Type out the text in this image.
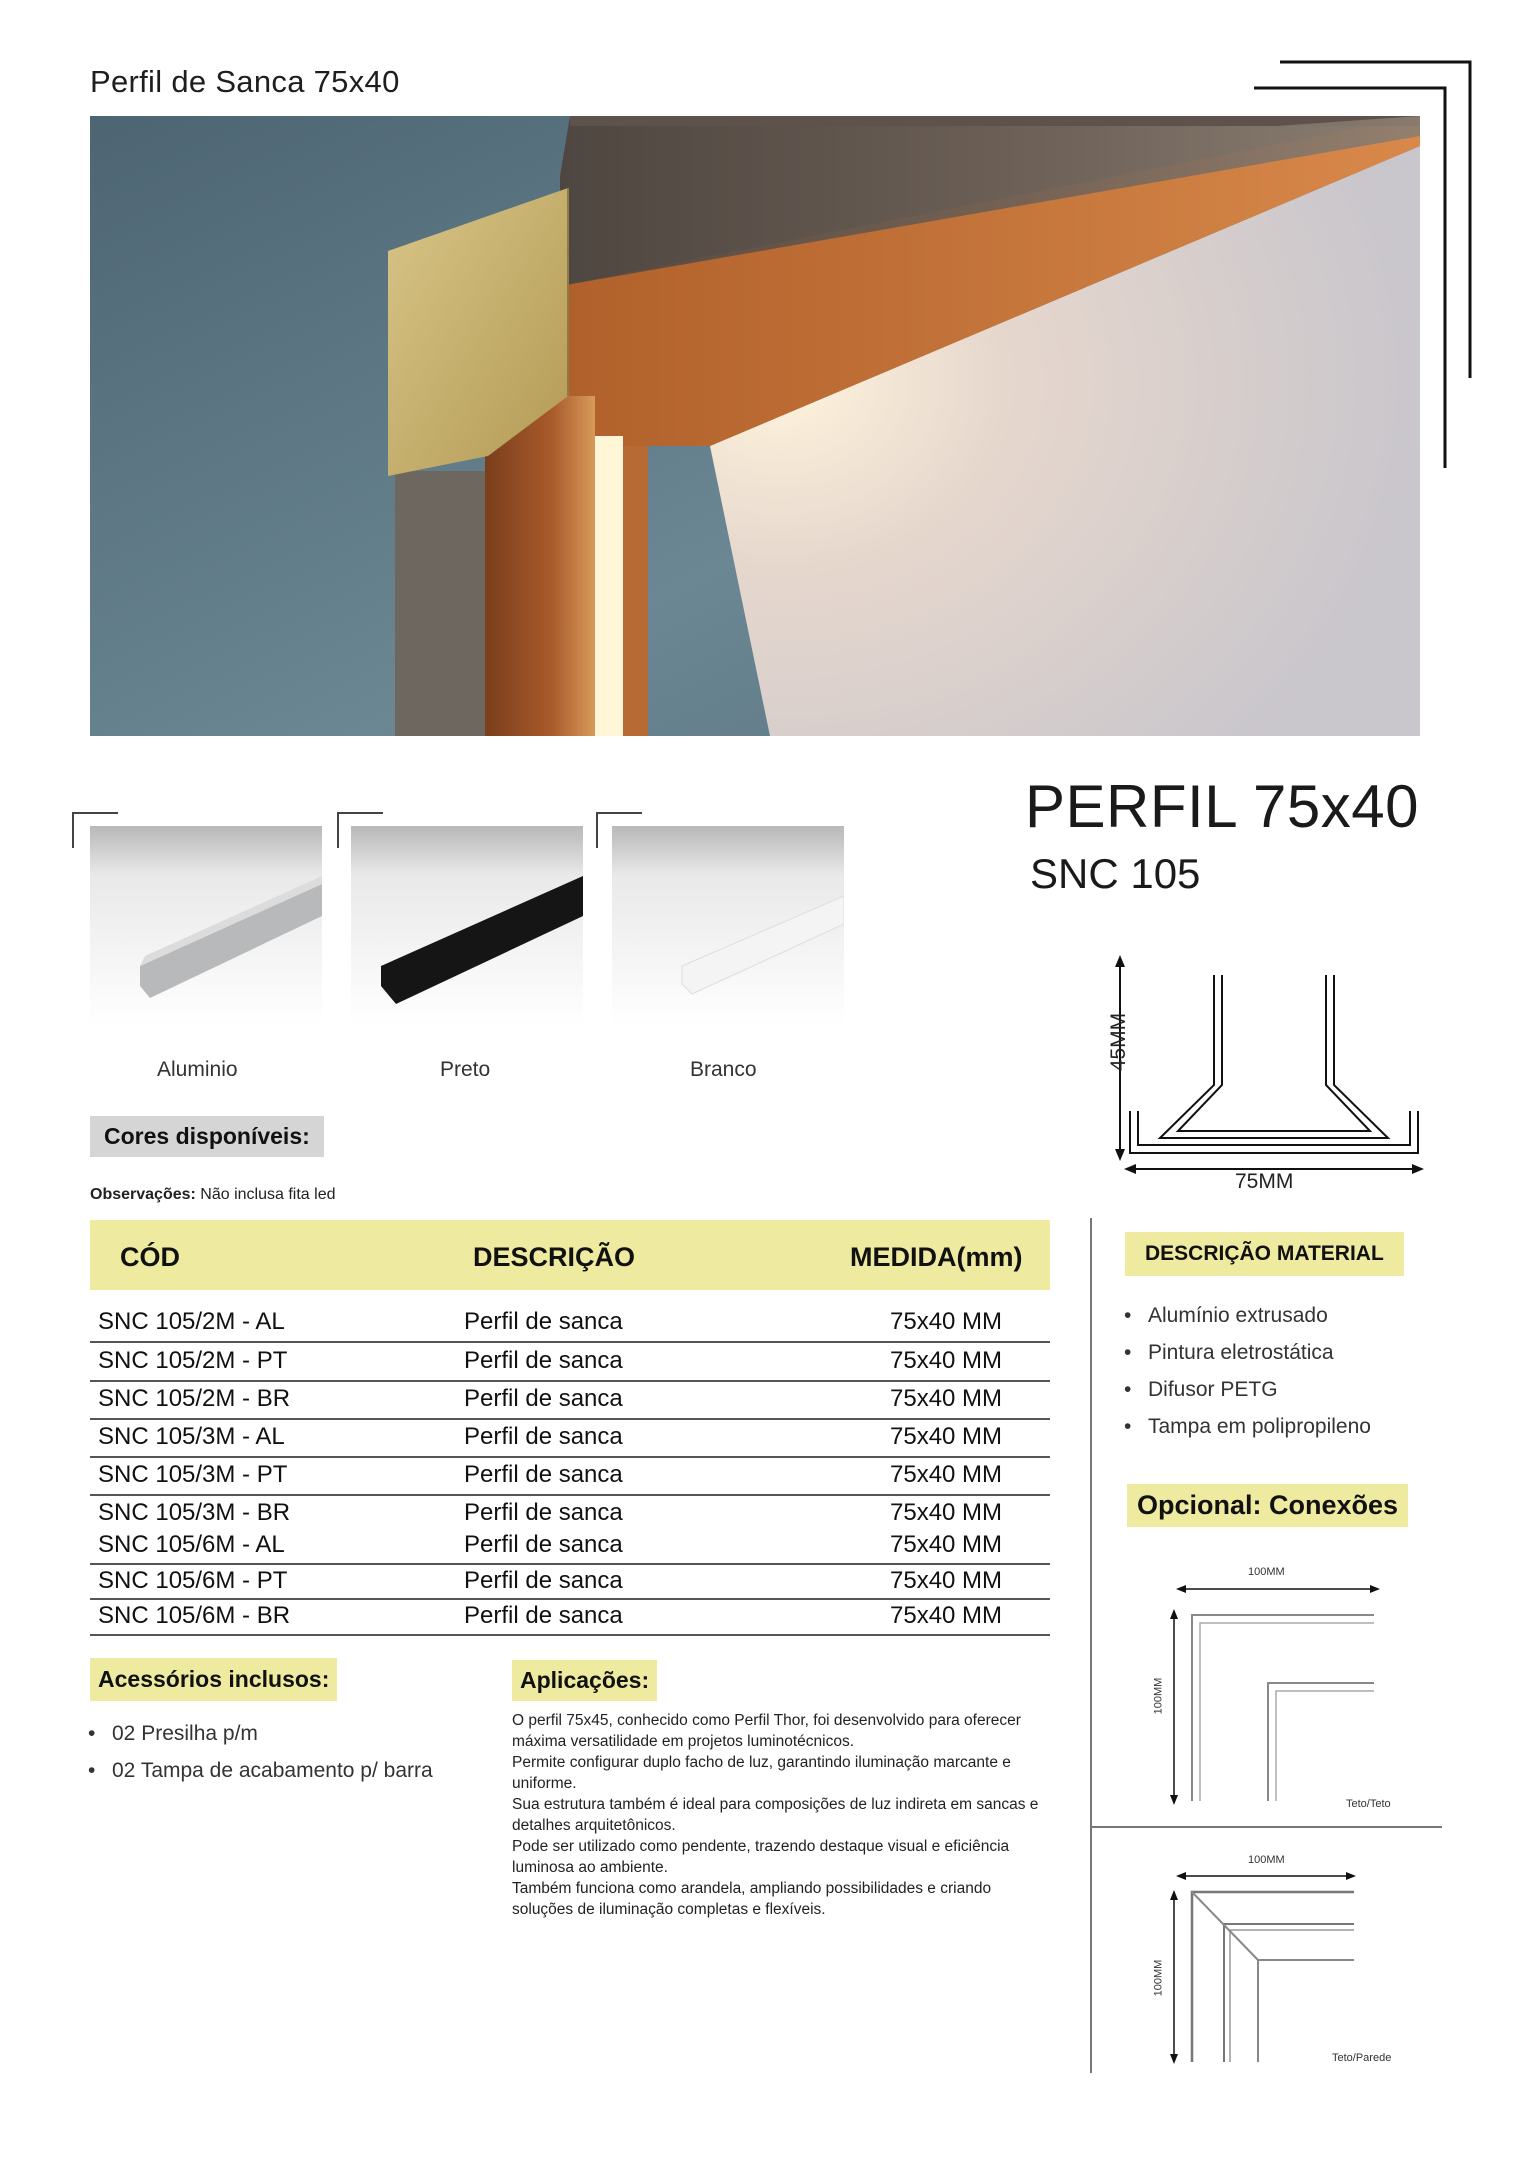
Perfil de Sanca 75x40
Aluminio	Preto	Branco
Cores disponíveis:
Observações: Não inclusa fita led
PERFIL 75x40
SNC 105
45MM
75MM
CÓD	DESCRIÇÃO	MEDIDA(mm)
SNC 105/2M - AL	Perfil de sanca	75x40 MM
SNC 105/2M - PT	Perfil de sanca	75x40 MM
SNC 105/2M - BR	Perfil de sanca	75x40 MM
SNC 105/3M - AL	Perfil de sanca	75x40 MM
SNC 105/3M - PT	Perfil de sanca	75x40 MM
SNC 105/3M - BR	Perfil de sanca	75x40 MM
SNC 105/6M - AL	Perfil de sanca	75x40 MM
SNC 105/6M - PT	Perfil de sanca	75x40 MM
SNC 105/6M - BR	Perfil de sanca	75x40 MM
DESCRIÇÃO MATERIAL
• Alumínio extrusado
• Pintura eletrostática
• Difusor PETG
• Tampa em polipropileno
Opcional: Conexões
100MM
100MM
Teto/Teto
100MM
100MM
Teto/Parede
Acessórios inclusos:
• 02 Presilha p/m
• 02 Tampa de acabamento p/ barra
Aplicações:
O perfil 75x45, conhecido como Perfil Thor, foi desenvolvido para oferecer máxima versatilidade em projetos luminotécnicos.
Permite configurar duplo facho de luz, garantindo iluminação marcante e uniforme.
Sua estrutura também é ideal para composições de luz indireta em sancas e detalhes arquitetônicos.
Pode ser utilizado como pendente, trazendo destaque visual e eficiência luminosa ao ambiente.
Também funciona como arandela, ampliando possibilidades e criando soluções de iluminação completas e flexíveis.
